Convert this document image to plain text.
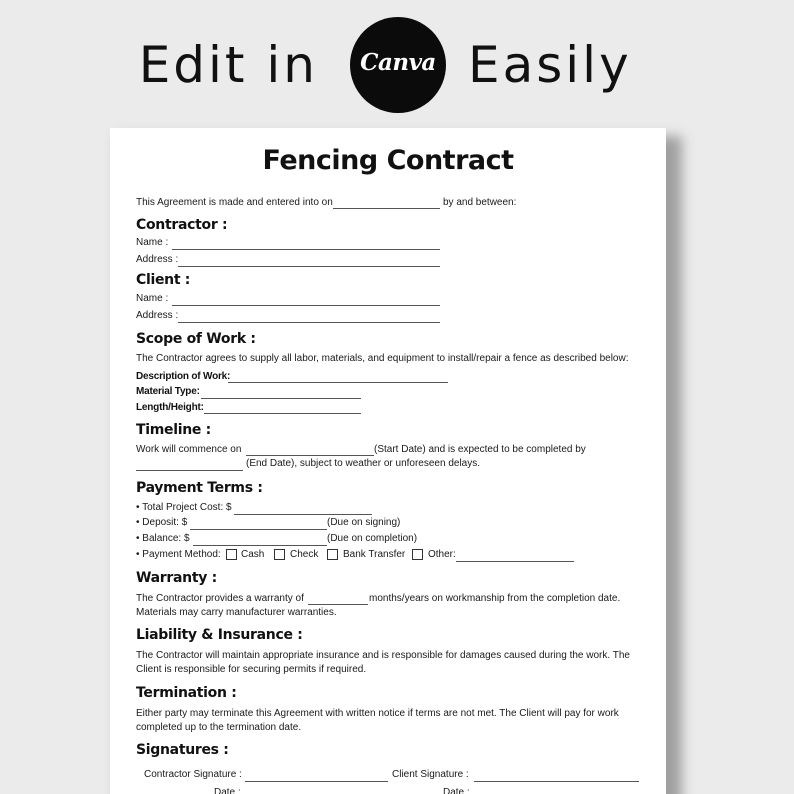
Edit in	Canva Easily
Fencing Contract
This Agreement is made and entered into on	by and between:
Contractor :
Name :
Address :
Client :
Name :
Address :
Scope of Work :
The Contractor agrees to supply all labor, materials, and equipment to install/repair a fence as described below:
Description of Work:
Material Type:
Length/Height:
Timeline :
Work will commence on	(Start Date) and is expected to be completed by
(End Date), subject to weather or unforeseen delays.
Payment Terms :
• Total Project Cost: $
• Deposit: $	(Due on signing)
• Balance: $	(Due on completion)
• Payment Method: Cash	Check Bank Transfer Other:
Warranty :
The Contractor provides a warranty of	months/years on workmanship from the completion date.
Materials may carry manufacturer warranties.
Liability & Insurance :
The Contractor will maintain appropriate insurance and is responsible for damages caused during the work. The
Client is responsible for securing permits if required.
Termination :
Either party may terminate this Agreement with written notice if terms are not met. The Client will pay for work
completed up to the termination date.
Signatures :
Contractor Signature :	Client Signature :
Date :	Date :
